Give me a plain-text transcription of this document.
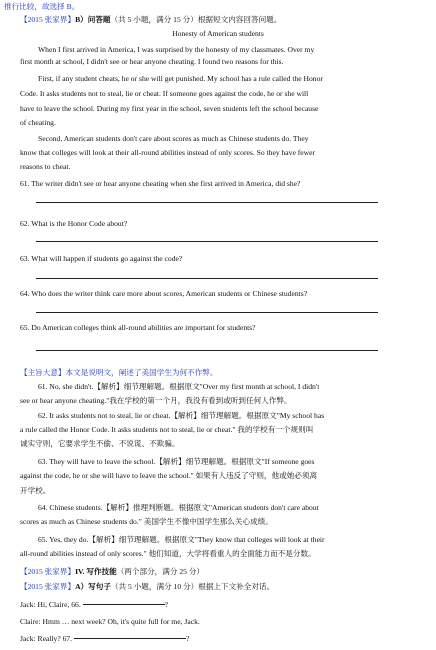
推行比较，故选择 B。
【2015 张家界】B）问答题（共 5 小题，满分 15 分）根据短文内容回答问题。
Honesty of American students
When I first arrived in America, I was surprised by the honesty of my classmates. Over my
first month at school, I didn't see or hear anyone cheating. I found two reasons for this.
First, if any student cheats, he or she will get punished. My school has a rule called the Honor
Code. It asks students not to steal, lie or cheat. If someone goes against the code, he or she will
have to leave the school. During my first year in the school, seven students left the school because
of cheating.
Second, American students don't care about scores as much as Chinese students do. They
know that colleges will look at their all-round abilities instead of only scores. So they have fewer
reasons to cheat.
61. The writer didn't see or hear anyone cheating when she first arrived in America, did she?
62. What is the Honor Code about?
63. What will happen if students go against the code?
64. Who does the writer think care more about scores, American students or Chinese students?
65. Do American colleges think all-round abilities are important for students?
【主旨大意】本文是说明文，阐述了美国学生为何不作弊。
61. No, she didn't.【解析】细节理解题。根据原文"Over my first month at school, I didn't
see or hear anyone cheating."我在学校的第一个月，我没有看到或听到任何人作弊。
62. It asks students not to steal, lie or cheat.【解析】细节理解题。根据原文"My school has
a rule called the Honor Code. It asks students not to steal, lie or cheat." 我的学校有一个规则叫
诚实守则，它要求学生不偷、不说谎、不欺骗。
63. They will have to leave the school.【解析】细节理解题。根据原文"If someone goes
against the code, he or she will have to leave the school." 如果有人违反了守则，他或她必须离
开学校。
64. Chinese students.【解析】推理判断题。根据原文"American students don't care about
scores as much as Chinese students do." 美国学生不像中国学生那么关心成绩。
65. Yes, they do.【解析】细节理解题。根据原文"They know that colleges will look at their
all-round abilities instead of only scores." 他们知道，大学将看重人的全面能力而不是分数。
【2015 张家界】IV. 写作技能（两个部分，满分 25 分）
【2015 张家界】A）写句子（共 5 小题，满分 10 分）根据上下文补全对话。
Jack: Hi, Claire, 66.	?
Claire: Hmm … next week? Oh, it's quite full for me, Jack.
Jack: Really? 67.	?
